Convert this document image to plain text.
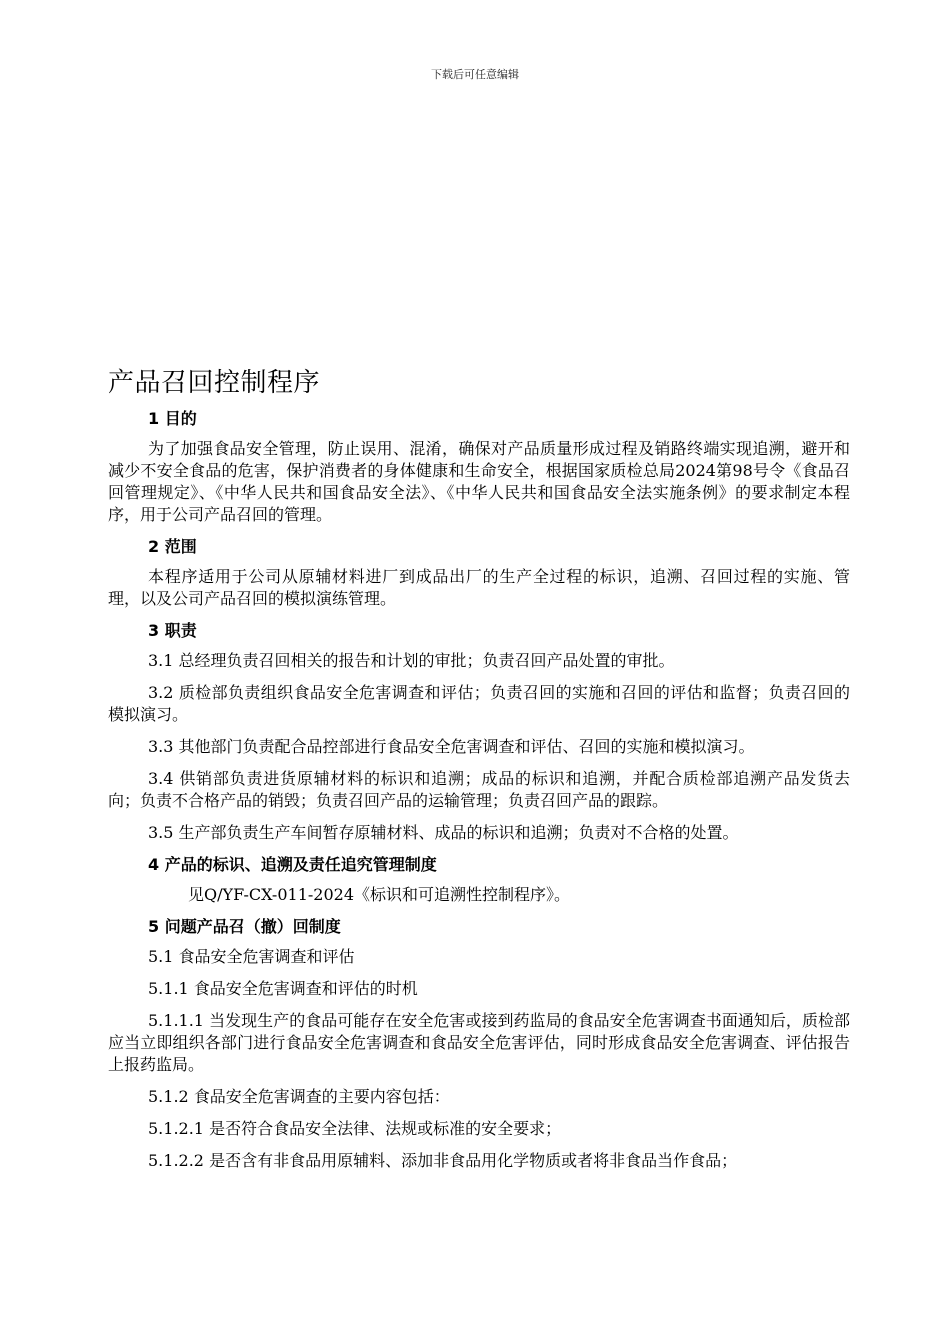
下载后可任意编辑
产品召回控制程序
1 目的

为了加强食品安全管理，防止误用、混淆，确保对产品质量形成过程及销路终端实现追溯，避开和减少不安全食品的危害，保护消费者的身体健康和生命安全，根据国家质检总局2024第98号令《食品召回管理规定》、《中华人民共和国食品安全法》、《中华人民共和国食品安全法实施条例》的要求制定本程序，用于公司产品召回的管理。

2 范围

本程序适用于公司从原辅材料进厂到成品出厂的生产全过程的标识，追溯、召回过程的实施、管理，以及公司产品召回的模拟演练管理。

3 职责

3.1 总经理负责召回相关的报告和计划的审批；负责召回产品处置的审批。

3.2 质检部负责组织食品安全危害调查和评估；负责召回的实施和召回的评估和监督；负责召回的模拟演习。

3.3 其他部门负责配合品控部进行食品安全危害调查和评估、召回的实施和模拟演习。

3.4 供销部负责进货原辅材料的标识和追溯；成品的标识和追溯，并配合质检部追溯产品发货去向；负责不合格产品的销毁；负责召回产品的运输管理；负责召回产品的跟踪。

3.5 生产部负责生产车间暂存原辅材料、成品的标识和追溯；负责对不合格的处置。

4 产品的标识、追溯及责任追究管理制度

见Q/YF-CX-011-2024《标识和可追溯性控制程序》。

5 问题产品召（撤）回制度

5.1 食品安全危害调查和评估

5.1.1 食品安全危害调查和评估的时机

5.1.1.1 当发现生产的食品可能存在安全危害或接到药监局的食品安全危害调查书面通知后，质检部应当立即组织各部门进行食品安全危害调查和食品安全危害评估，同时形成食品安全危害调查、评估报告上报药监局。

5.1.2 食品安全危害调查的主要内容包括：

5.1.2.1 是否符合食品安全法律、法规或标准的安全要求；

5.1.2.2 是否含有非食品用原辅料、添加非食品用化学物质或者将非食品当作食品；
